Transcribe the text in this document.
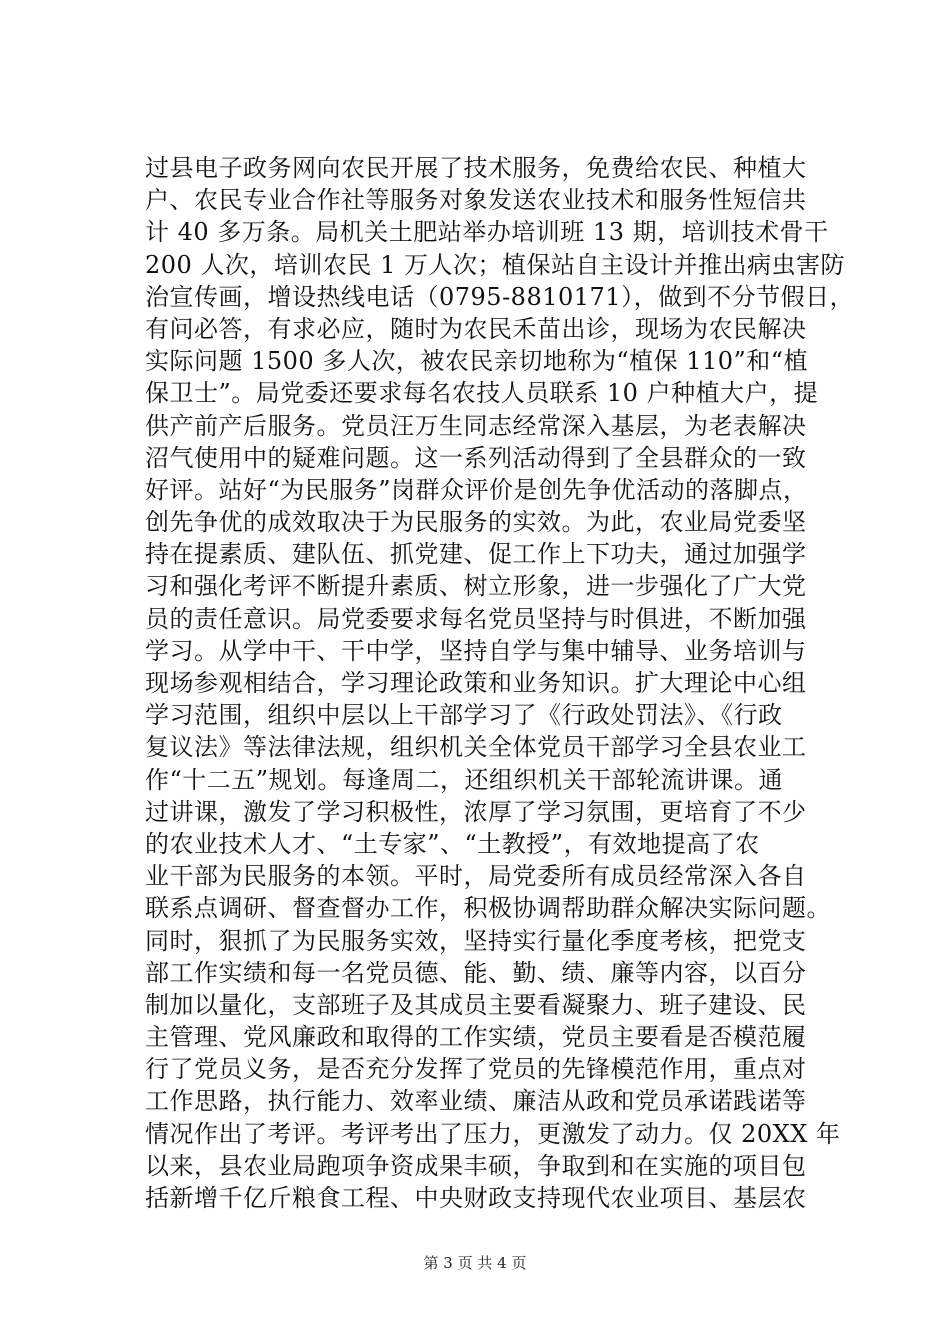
过县电子政务网向农民开展了技术服务，免费给农民、种植大
户、农民专业合作社等服务对象发送农业技术和服务性短信共
计 40 多万条。局机关土肥站举办培训班 13 期，培训技术骨干
200 人次，培训农民 1 万人次；植保站自主设计并推出病虫害防
治宣传画，增设热线电话（0795-8810171），做到不分节假日，
有问必答，有求必应，随时为农民禾苗出诊，现场为农民解决
实际问题 1500 多人次，被农民亲切地称为“植保 110”和“植
保卫士”。局党委还要求每名农技人员联系 10 户种植大户，提
供产前产后服务。党员汪万生同志经常深入基层，为老表解决
沼气使用中的疑难问题。这一系列活动得到了全县群众的一致
好评。站好“为民服务”岗群众评价是创先争优活动的落脚点，
创先争优的成效取决于为民服务的实效。为此，农业局党委坚
持在提素质、建队伍、抓党建、促工作上下功夫，通过加强学
习和强化考评不断提升素质、树立形象，进一步强化了广大党
员的责任意识。局党委要求每名党员坚持与时俱进，不断加强
学习。从学中干、干中学，坚持自学与集中辅导、业务培训与
现场参观相结合，学习理论政策和业务知识。扩大理论中心组
学习范围，组织中层以上干部学习了《行政处罚法》、《行政
复议法》等法律法规，组织机关全体党员干部学习全县农业工
作“十二五”规划。每逢周二，还组织机关干部轮流讲课。通
过讲课，激发了学习积极性，浓厚了学习氛围，更培育了不少
的农业技术人才、“土专家”、“土教授”，有效地提高了农
业干部为民服务的本领。平时，局党委所有成员经常深入各自
联系点调研、督查督办工作，积极协调帮助群众解决实际问题。
同时，狠抓了为民服务实效，坚持实行量化季度考核，把党支
部工作实绩和每一名党员德、能、勤、绩、廉等内容，以百分
制加以量化，支部班子及其成员主要看凝聚力、班子建设、民
主管理、党风廉政和取得的工作实绩，党员主要看是否模范履
行了党员义务，是否充分发挥了党员的先锋模范作用，重点对
工作思路，执行能力、效率业绩、廉洁从政和党员承诺践诺等
情况作出了考评。考评考出了压力，更激发了动力。仅 20XX 年
以来，县农业局跑项争资成果丰硕，争取到和在实施的项目包
括新增千亿斤粮食工程、中央财政支持现代农业项目、基层农
第 3 页 共 4 页
